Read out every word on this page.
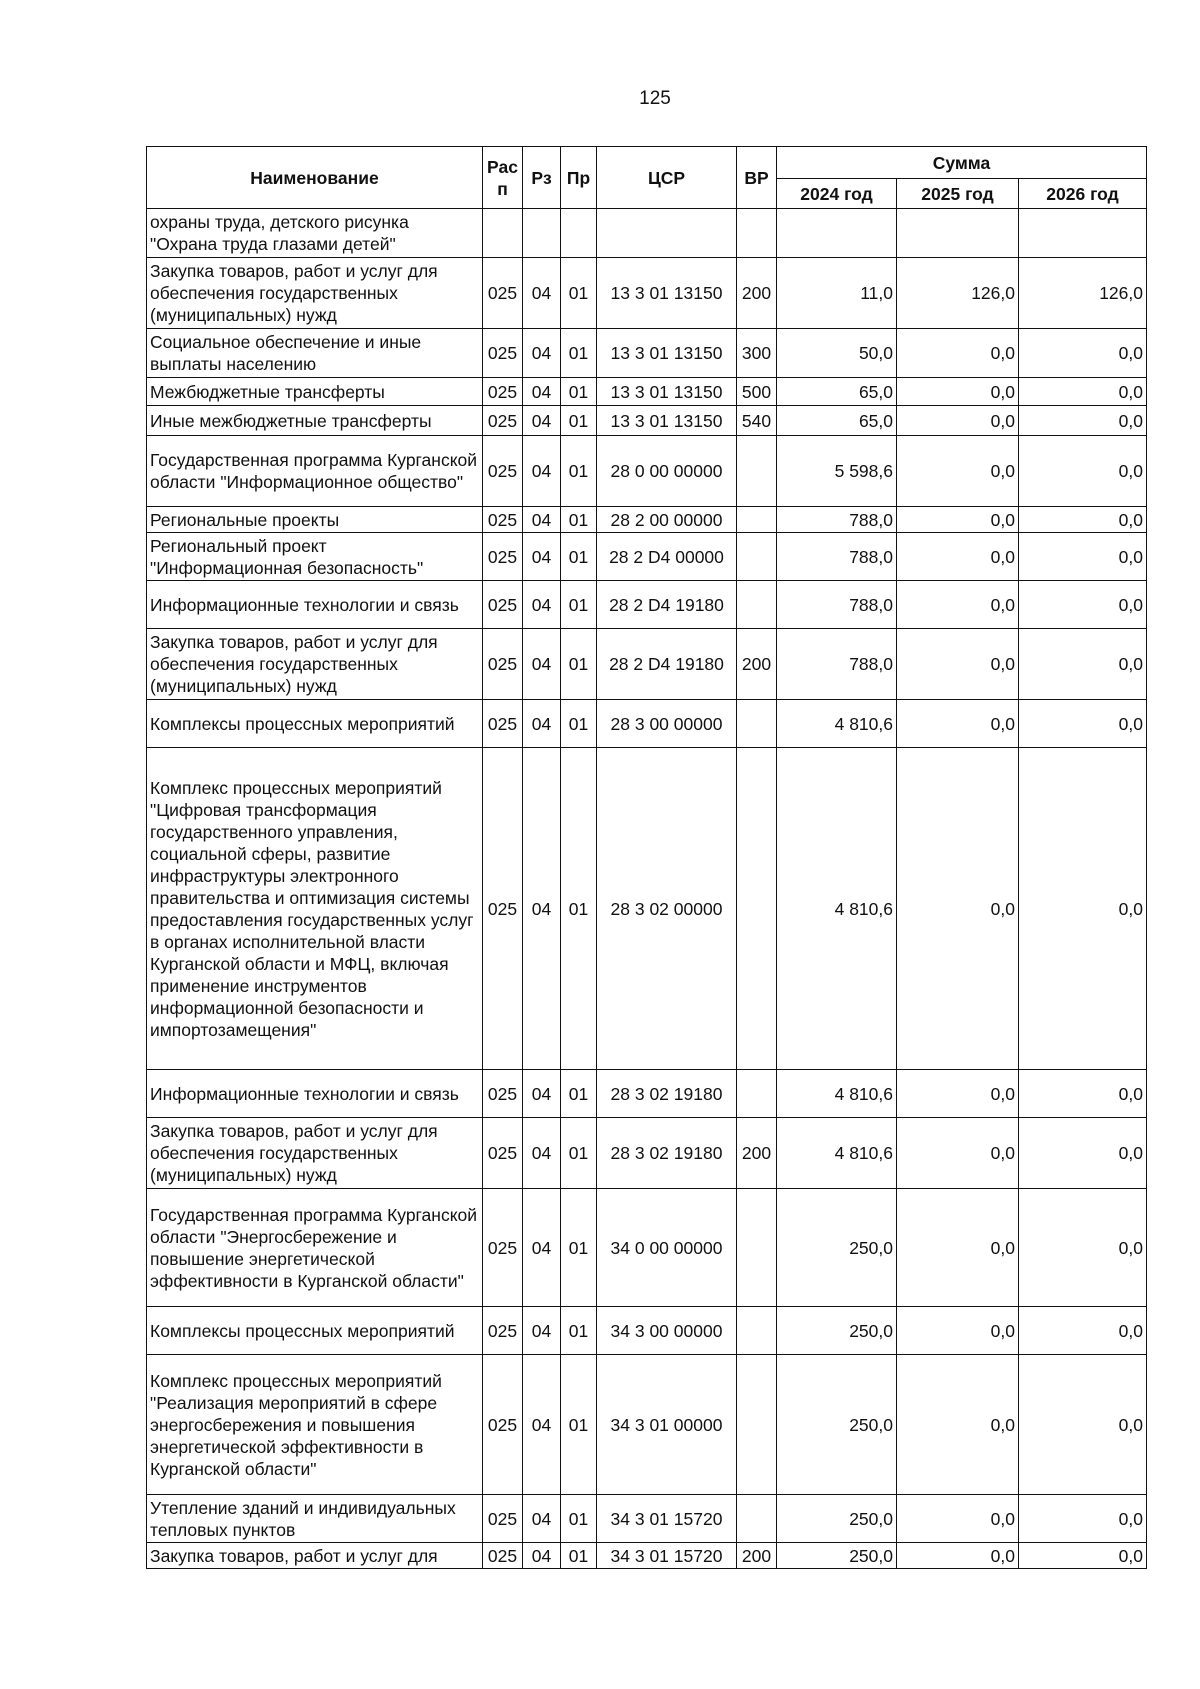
125
Наименование	Рас п	Рз	Пр	ЦСР	ВР	Сумма		
						2024 год	2025 год	2026 год
охраны труда, детского рисунка "Охрана труда глазами детей"								
Закупка товаров, работ и услуг для обеспечения государственных (муниципальных) нужд	025	04	01	13 3 01 13150	200	11,0	126,0	126,0
Социальное обеспечение и иные выплаты населению	025	04	01	13 3 01 13150	300	50,0	0,0	0,0
Межбюджетные трансферты	025	04	01	13 3 01 13150	500	65,0	0,0	0,0
Иные межбюджетные трансферты	025	04	01	13 3 01 13150	540	65,0	0,0	0,0
Государственная программа Курганской области "Информационное общество"	025	04	01	28 0 00 00000		5 598,6	0,0	0,0
Региональные проекты	025	04	01	28 2 00 00000		788,0	0,0	0,0
Региональный проект "Информационная безопасность"	025	04	01	28 2 D4 00000		788,0	0,0	0,0
Информационные технологии и связь	025	04	01	28 2 D4 19180		788,0	0,0	0,0
Закупка товаров, работ и услуг для обеспечения государственных (муниципальных) нужд	025	04	01	28 2 D4 19180	200	788,0	0,0	0,0
Комплексы процессных мероприятий	025	04	01	28 3 00 00000		4 810,6	0,0	0,0
Комплекс процессных мероприятий "Цифровая трансформация государственного управления, социальной сферы, развитие инфраструктуры электронного правительства и оптимизация системы предоставления государственных услуг в органах исполнительной власти Курганской области и МФЦ, включая применение инструментов информационной безопасности и импортозамещения"	025	04	01	28 3 02 00000		4 810,6	0,0	0,0
Информационные технологии и связь	025	04	01	28 3 02 19180		4 810,6	0,0	0,0
Закупка товаров, работ и услуг для обеспечения государственных (муниципальных) нужд	025	04	01	28 3 02 19180	200	4 810,6	0,0	0,0
Государственная программа Курганской области "Энергосбережение и повышение энергетической эффективности в Курганской области"	025	04	01	34 0 00 00000		250,0	0,0	0,0
Комплексы процессных мероприятий	025	04	01	34 3 00 00000		250,0	0,0	0,0
Комплекс процессных мероприятий "Реализация мероприятий в сфере энергосбережения и повышения энергетической эффективности в Курганской области"	025	04	01	34 3 01 00000		250,0	0,0	0,0
Утепление зданий и индивидуальных тепловых пунктов	025	04	01	34 3 01 15720		250,0	0,0	0,0
Закупка товаров, работ и услуг для	025	04	01	34 3 01 15720	200	250,0	0,0	0,0
